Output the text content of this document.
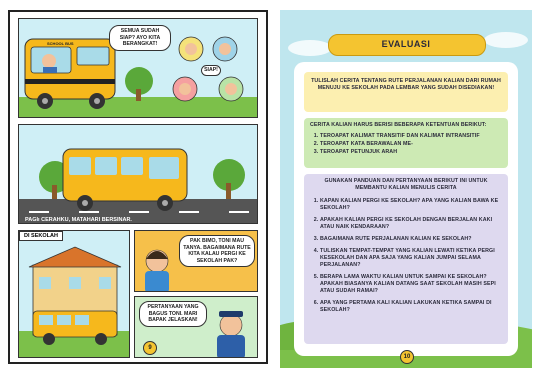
SCHOOL BUS
SEMUA SUDAH SIAP? AYO KITA BERANGKAT!
SIAP!
PAGIı CERAHKU, MATAHARI BERSINAR.
DI SEKOLAH
PAK BIMO, TONI MAU TANYA. BAGAIMANA RUTE KITA KALAU PERGI KE SEKOLAH PAK?
PERTANYAAN YANG BAGUS TONI. MARI BAPAK JELASKAN!
9
EVALUASI
TULISLAH CERITA TENTANG RUTE PERJALANAN KALIAN DARI RUMAH MENUJU KE SEKOLAH PADA LEMBAR YANG SUDAH DISEDIAKAN!
CERITA KALIAN HARUS BERISI BEBERAPA KETENTUAN BERIKUT:
1. TEROAPAT KALIMAT TRANSITIF DAN KALIMAT INTRANSITIF
2. TEROAPAT KATA BERAWALAN ME-
3. TEROAPAT PETUNJUK ARAH
GUNAKAN PANDUAN DAN PERTANYAAN BERIKUT INI UNTUK MEMBANTU KALIAN MENULIS CERITA
1. KAPAN KALIAN PERGI KE SEKOLAH? APA YANG KALIAN BAWA KE SEKOLAH?
2. APAKAH KALIAN PERGI KE SEKOLAH DENGAN BERJALAN KAKI ATAU NAIK KENDARAAN?
3. BAGAIMANA RUTE PERJALANAN KALIAN KE SEKOLAH?
4. TULISKAN TEMPAT-TEMPAT YANG KALIAN LEWATI KETIKA PERGI KESEKOLAH DAN APA SAJA YANG KALIAN JUMPAI SELAMA PERJALANAN?
5. BERAPA LAMA WAKTU KALIAN UNTUK SAMPAI KE SEKOLAH? APAKAH BIASANYA KALIAN DATANG SAAT SEKOLAH MASIH SEPI ATAU SUDAH RAMAI?
6. APA YANG PERTAMA KALI KALIAN LAKUKAN KETIKA SAMPAI DI SEKOLAH?
10
